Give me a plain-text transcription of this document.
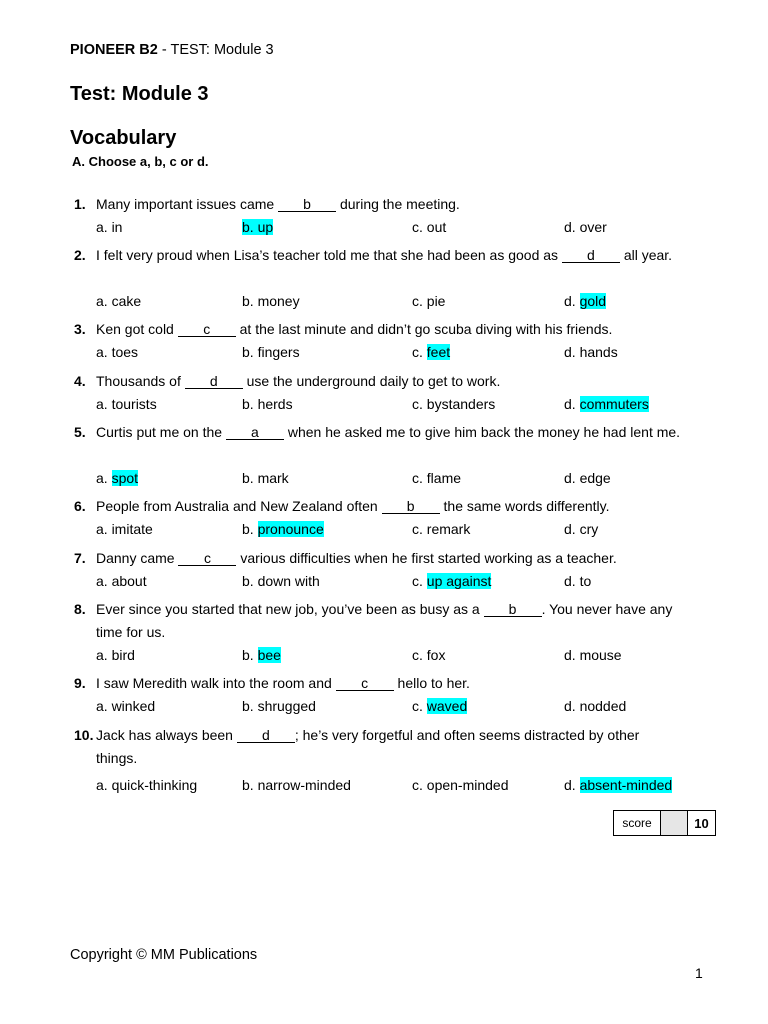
PIONEER B2 - TEST: Module 3
Test: Module 3
Vocabulary
A. Choose a, b, c or d.
1. Many important issues came b during the meeting.
a. in	b. up	c. out	d. over
2. I felt very proud when Lisa’s teacher told me that she had been as good as d all year.
a. cake	b. money	c. pie	d. gold
3. Ken got cold c at the last minute and didn’t go scuba diving with his friends.
a. toes	b. fingers	c. feet	d. hands
4. Thousands of d use the underground daily to get to work.
a. tourists	b. herds	c. bystanders	d. commuters
5. Curtis put me on the a when he asked me to give him back the money he had lent me.
a. spot	b. mark	c. flame	d. edge
6. People from Australia and New Zealand often b the same words differently.
a. imitate	b. pronounce	c. remark	d. cry
7. Danny came c various difficulties when he first started working as a teacher.
a. about	b. down with	c. up against	d. to
8. Ever since you started that new job, you’ve been as busy as a b . You never have any
time for us.
a. bird	b. bee	c. fox	d. mouse
9. I saw Meredith walk into the room and c hello to her.
a. winked	b. shrugged	c. waved	d. nodded
10. Jack has always been d ; he’s very forgetful and often seems distracted by other
things.
a. quick-thinking	b. narrow-minded	c. open-minded	d. absent-minded
score	10
Copyright © MM Publications
1
